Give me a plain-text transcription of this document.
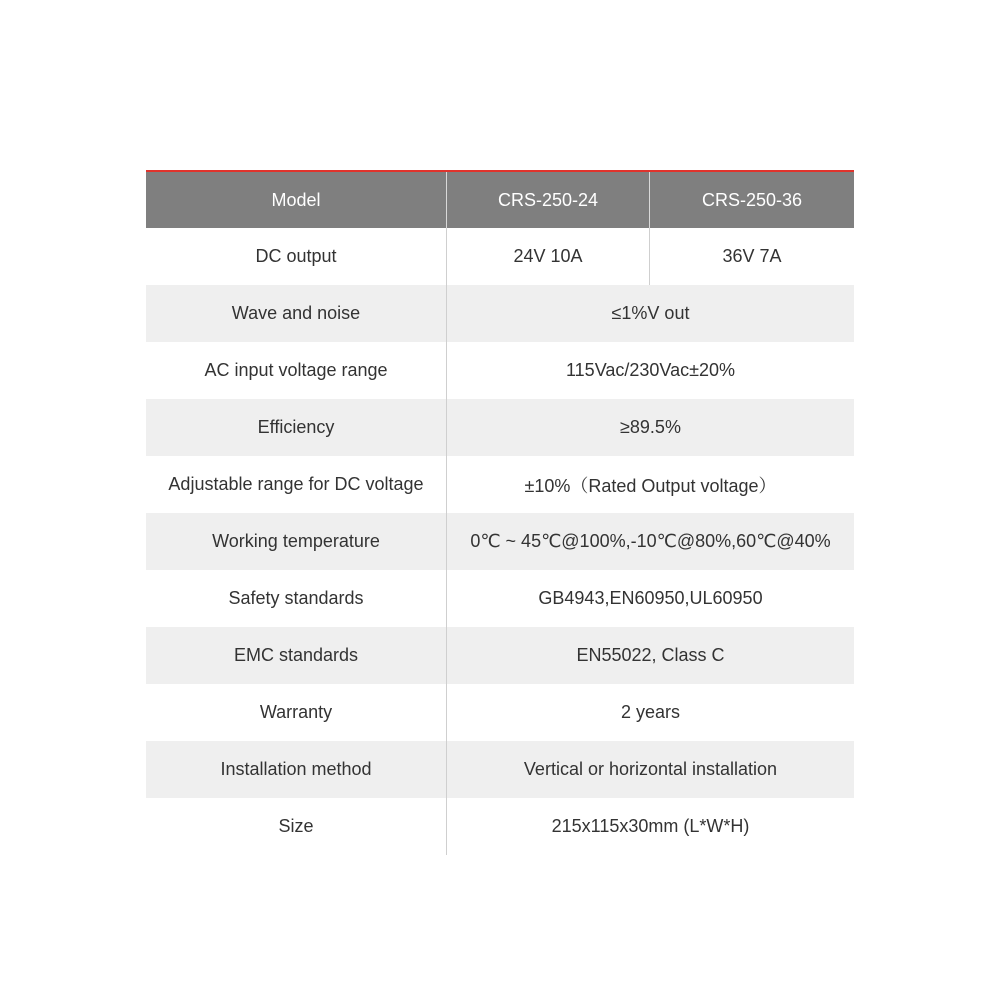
Model	CRS-250-24	CRS-250-36
DC output	24V 10A	36V 7A
Wave and noise	≤1%V out
AC input voltage range	115Vac/230Vac±20%
Efficiency	≥89.5%
Adjustable range for DC voltage	±10%（Rated Output voltage）
Working temperature	0℃ ~ 45℃@100%,-10℃@80%,60℃@40%
Safety standards	GB4943,EN60950,UL60950
EMC standards	EN55022, Class C
Warranty	2 years
Installation method	Vertical or horizontal installation
Size	215x115x30mm (L*W*H)
